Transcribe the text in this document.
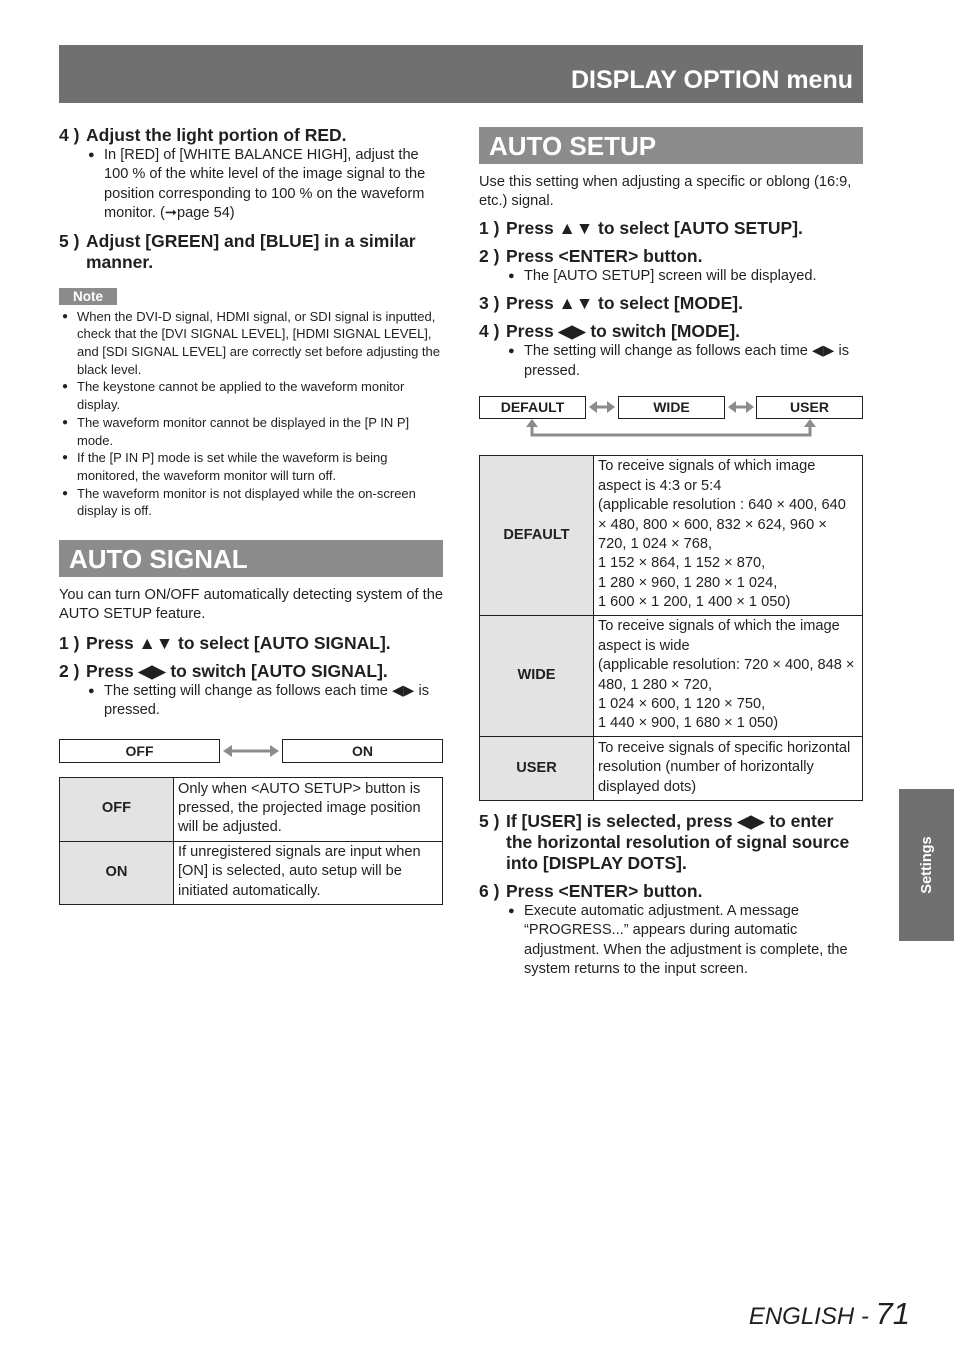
DISPLAY OPTION menu
4 ) Adjust the light portion of RED.
● In [RED] of [WHITE BALANCE HIGH], adjust the 100 % of the white level of the image signal to the position corresponding to 100 % on the waveform monitor. (➞page 54)
5 ) Adjust [GREEN] and [BLUE] in a similar manner.
Note
● When the DVI-D signal, HDMI signal, or SDI signal is inputted, check that the [DVI SIGNAL LEVEL], [HDMI SIGNAL LEVEL], and [SDI SIGNAL LEVEL] are correctly set before adjusting the black level.
● The keystone cannot be applied to the waveform monitor display.
● The waveform monitor cannot be displayed in the [P IN P] mode.
● If the [P IN P] mode is set while the waveform is being monitored, the waveform monitor will turn off.
● The waveform monitor is not displayed while the on-screen display is off.
AUTO SIGNAL
You can turn ON/OFF automatically detecting system of the AUTO SETUP feature.
1 ) Press ▲▼ to select [AUTO SIGNAL].
2 ) Press ◀▶ to switch [AUTO SIGNAL].
● The setting will change as follows each time ◀▶ is pressed.
OFF	ON
OFF	Only when <AUTO SETUP> button is pressed, the projected image position will be adjusted.
ON	If unregistered signals are input when [ON] is selected, auto setup will be initiated automatically.
AUTO SETUP
Use this setting when adjusting a specific or oblong (16:9, etc.) signal.
1 ) Press ▲▼ to select [AUTO SETUP].
2 ) Press <ENTER> button.
● The [AUTO SETUP] screen will be displayed.
3 ) Press ▲▼ to select [MODE].
4 ) Press ◀▶ to switch [MODE].
● The setting will change as follows each time ◀▶ is pressed.
DEFAULT	WIDE	USER
DEFAULT	To receive signals of which image aspect is 4:3 or 5:4
(applicable resolution : 640 × 400, 640 × 480, 800 × 600, 832 × 624, 960 × 720, 1 024 × 768,
1 152 × 864, 1 152 × 870,
1 280 × 960, 1 280 × 1 024,
1 600 × 1 200, 1 400 × 1 050)
WIDE	To receive signals of which the image aspect is wide
(applicable resolution: 720 × 400, 848 × 480, 1 280 × 720,
1 024 × 600, 1 120 × 750,
1 440 × 900, 1 680 × 1 050)
USER	To receive signals of specific horizontal resolution (number of horizontally displayed dots)
5 ) If [USER] is selected, press ◀▶ to enter the horizontal resolution of signal source into [DISPLAY DOTS].
6 ) Press <ENTER> button.
● Execute automatic adjustment. A message “PROGRESS...” appears during automatic adjustment. When the adjustment is complete, the system returns to the input screen.
Settings
ENGLISH - 71
